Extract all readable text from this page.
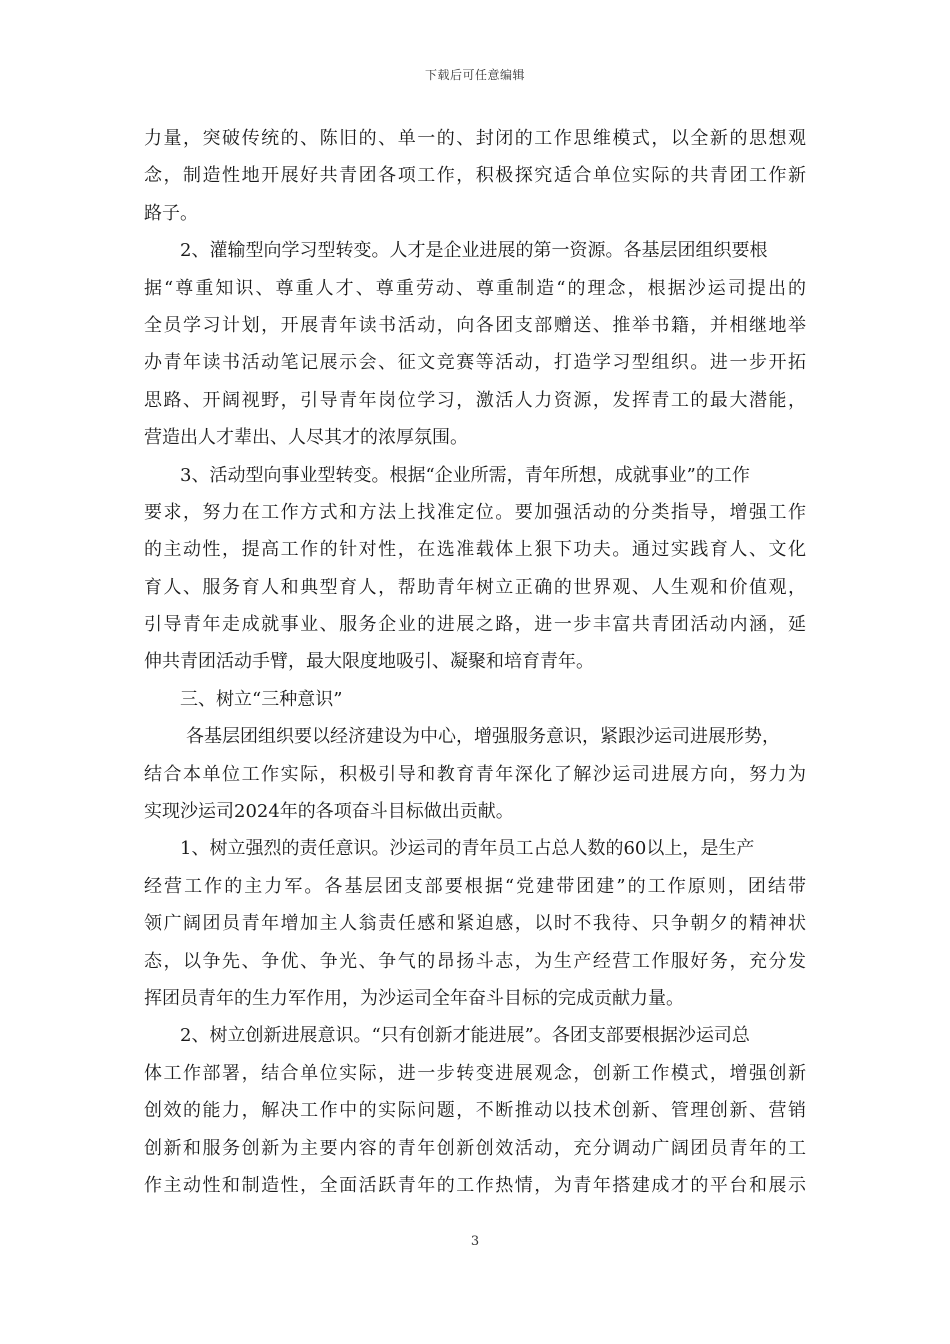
下载后可任意编辑
力量，突破传统的、陈旧的、单一的、封闭的工作思维模式，以全新的思想观
念，制造性地开展好共青团各项工作，积极探究适合单位实际的共青团工作新
路子。
2、灌输型向学习型转变。人才是企业进展的第一资源。各基层团组织要根
据“尊重知识、尊重人才、尊重劳动、尊重制造“的理念，根据沙运司提出的
全员学习计划，开展青年读书活动，向各团支部赠送、推举书籍，并相继地举
办青年读书活动笔记展示会、征文竞赛等活动，打造学习型组织。进一步开拓
思路、开阔视野，引导青年岗位学习，激活人力资源，发挥青工的最大潜能，
营造出人才辈出、人尽其才的浓厚氛围。
3、活动型向事业型转变。根据“企业所需，青年所想，成就事业”的工作
要求，努力在工作方式和方法上找准定位。要加强活动的分类指导，增强工作
的主动性，提高工作的针对性，在选准载体上狠下功夫。通过实践育人、文化
育人、服务育人和典型育人，帮助青年树立正确的世界观、人生观和价值观，
引导青年走成就事业、服务企业的进展之路，进一步丰富共青团活动内涵，延
伸共青团活动手臂，最大限度地吸引、凝聚和培育青年。
三、树立“三种意识”
各基层团组织要以经济建设为中心，增强服务意识，紧跟沙运司进展形势，
结合本单位工作实际，积极引导和教育青年深化了解沙运司进展方向，努力为
实现沙运司2024年的各项奋斗目标做出贡献。
1、树立强烈的责任意识。沙运司的青年员工占总人数的60以上，是生产
经营工作的主力军。各基层团支部要根据“党建带团建”的工作原则，团结带
领广阔团员青年增加主人翁责任感和紧迫感，以时不我待、只争朝夕的精神状
态，以争先、争优、争光、争气的昂扬斗志，为生产经营工作服好务，充分发
挥团员青年的生力军作用，为沙运司全年奋斗目标的完成贡献力量。
2、树立创新进展意识。“只有创新才能进展”。各团支部要根据沙运司总
体工作部署，结合单位实际，进一步转变进展观念，创新工作模式，增强创新
创效的能力，解决工作中的实际问题，不断推动以技术创新、管理创新、营销
创新和服务创新为主要内容的青年创新创效活动，充分调动广阔团员青年的工
作主动性和制造性，全面活跃青年的工作热情，为青年搭建成才的平台和展示
3
